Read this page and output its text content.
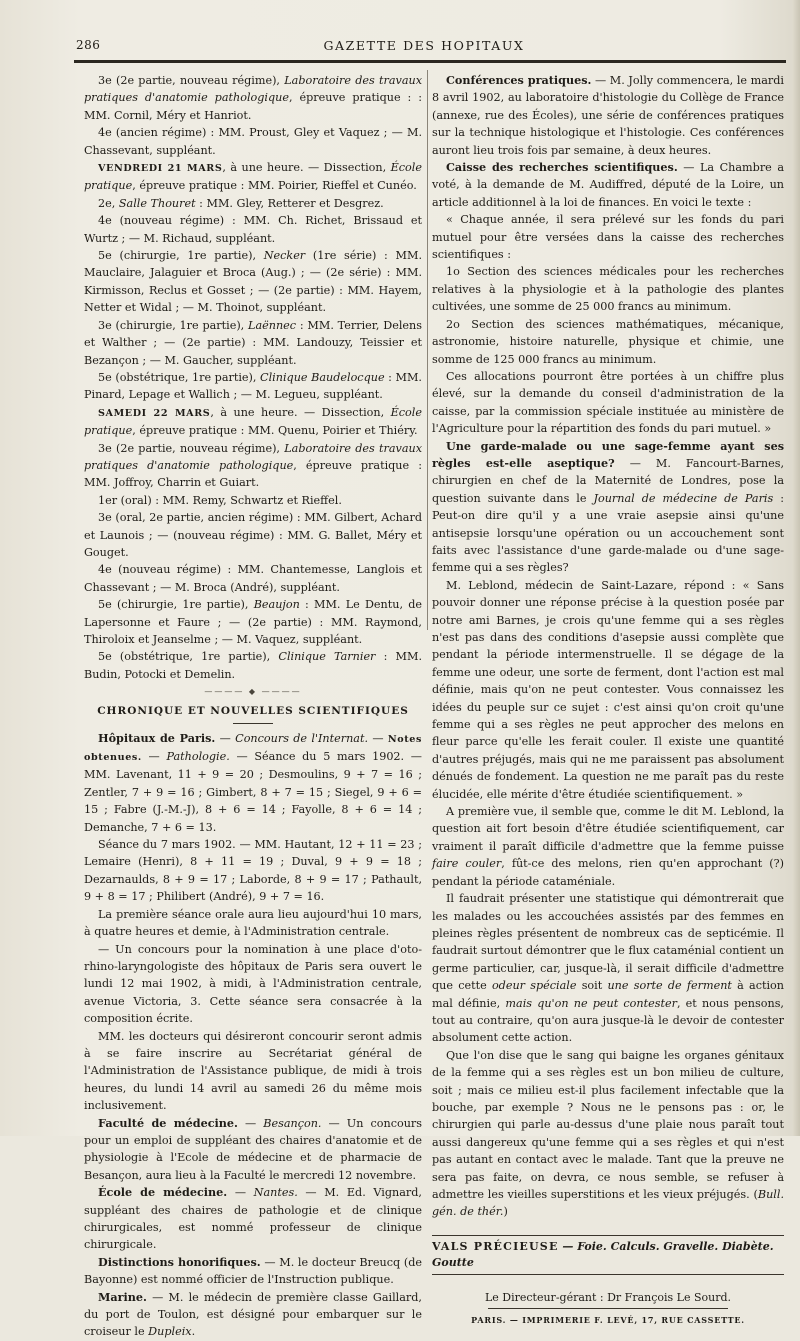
286	GAZETTE DES HOPITAUX

3e (2e partie, nouveau régime), Laboratoire des travaux pratiques d'anatomie pathologique, épreuve pratique : : MM. Cornil, Méry et Hanriot.

4e (ancien régime) : MM. Proust, Gley et Vaquez ; — M. Chassevant, suppléant.

VENDREDI 21 MARS, à une heure. — Dissection, École pratique, épreuve pratique : MM. Poirier, Rieffel et Cunéo.

2e, Salle Thouret : MM. Gley, Retterer et Desgrez.

4e (nouveau régime) : MM. Ch. Richet, Brissaud et Wurtz ; — M. Richaud, suppléant.

5e (chirurgie, 1re partie), Necker (1re série) : MM. Mauclaire, Jalaguier et Broca (Aug.) ; — (2e série) : MM. Kirmisson, Reclus et Gosset ; — (2e partie) : MM. Hayem, Netter et Widal ; — M. Thoinot, suppléant.

3e (chirurgie, 1re partie), Laënnec : MM. Terrier, Delens et Walther ; — (2e partie) : MM. Landouzy, Teissier et Bezançon ; — M. Gaucher, suppléant.

5e (obstétrique, 1re partie), Clinique Baudelocque : MM. Pinard, Lepage et Wallich ; — M. Legueu, suppléant.

SAMEDI 22 MARS, à une heure. — Dissection, École pratique, épreuve pratique : MM. Quenu, Poirier et Thiéry.

3e (2e partie, nouveau régime), Laboratoire des travaux pratiques d'anatomie pathologique, épreuve pratique : MM. Joffroy, Charrin et Guiart.

1er (oral) : MM. Remy, Schwartz et Rieffel.

3e (oral, 2e partie, ancien régime) : MM. Gilbert, Achard et Launois ; — (nouveau régime) : MM. G. Ballet, Méry et Gouget.

4e (nouveau régime) : MM. Chantemesse, Langlois et Chassevant ; — M. Broca (André), suppléant.

5e (chirurgie, 1re partie), Beaujon : MM. Le Dentu, de Lapersonne et Faure ; — (2e partie) : MM. Raymond, Thiroloix et Jeanselme ; — M. Vaquez, suppléant.

5e (obstétrique, 1re partie), Clinique Tarnier : MM. Budin, Potocki et Demelin.

———— ◆ ————
CHRONIQUE ET NOUVELLES SCIENTIFIQUES

Hôpitaux de Paris. — Concours de l'Internat. — Notes obtenues. — Pathologie. — Séance du 5 mars 1902. — MM. Lavenant, 11 + 9 = 20 ; Desmoulins, 9 + 7 = 16 ; Zentler, 7 + 9 = 16 ; Gimbert, 8 + 7 = 15 ; Siegel, 9 + 6 = 15 ; Fabre (J.-M.-J), 8 + 6 = 14 ; Fayolle, 8 + 6 = 14 ; Demanche, 7 + 6 = 13.

Séance du 7 mars 1902. — MM. Hautant, 12 + 11 = 23 ; Lemaire (Henri), 8 + 11 = 19 ; Duval, 9 + 9 = 18 ; Dezarnaulds, 8 + 9 = 17 ; Laborde, 8 + 9 = 17 ; Pathault, 9 + 8 = 17 ; Philibert (André), 9 + 7 = 16.

La première séance orale aura lieu aujourd'hui 10 mars, à quatre heures et demie, à l'Administration centrale.

— Un concours pour la nomination à une place d'oto-rhino-laryngologiste des hôpitaux de Paris sera ouvert le lundi 12 mai 1902, à midi, à l'Administration centrale, avenue Victoria, 3. Cette séance sera consacrée à la composition écrite.

MM. les docteurs qui désireront concourir seront admis à se faire inscrire au Secrétariat général de l'Administration de l'Assistance publique, de midi à trois heures, du lundi 14 avril au samedi 26 du même mois inclusivement.

Faculté de médecine. — Besançon. — Un concours pour un emploi de suppléant des chaires d'anatomie et de physiologie à l'Ecole de médecine et de pharmacie de Besançon, aura lieu à la Faculté le mercredi 12 novembre.

École de médecine. — Nantes. — M. Ed. Vignard, suppléant des chaires de pathologie et de clinique chirurgicales, est nommé professeur de clinique chirurgicale.

Distinctions honorifiques. — M. le docteur Breucq (de Bayonne) est nommé officier de l'Instruction publique.

Marine. — M. le médecin de première classe Gaillard, du port de Toulon, est désigné pour embarquer sur le croiseur le Dupleix.

Conférences pratiques. — M. Jolly commencera, le mardi 8 avril 1902, au laboratoire d'histologie du Collège de France (annexe, rue des Écoles), une série de conférences pratiques sur la technique histologique et l'histologie. Ces conférences auront lieu trois fois par semaine, à deux heures.

Caisse des recherches scientifiques. — La Chambre a voté, à la demande de M. Audiffred, député de la Loire, un article additionnel à la loi de finances. En voici le texte :

« Chaque année, il sera prélevé sur les fonds du pari mutuel pour être versées dans la caisse des recherches scientifiques :

1o Section des sciences médicales pour les recherches relatives à la physiologie et à la pathologie des plantes cultivées, une somme de 25 000 francs au minimum.

2o Section des sciences mathématiques, mécanique, astronomie, histoire naturelle, physique et chimie, une somme de 125 000 francs au minimum.

Ces allocations pourront être portées à un chiffre plus élevé, sur la demande du conseil d'administration de la caisse, par la commission spéciale instituée au ministère de l'Agriculture pour la répartition des fonds du pari mutuel. »

Une garde-malade ou une sage-femme ayant ses règles est-elle aseptique? — M. Fancourt-Barnes, chirurgien en chef de la Maternité de Londres, pose la question suivante dans le Journal de médecine de Paris : Peut-on dire qu'il y a une vraie asepsie ainsi qu'une antisepsie lorsqu'une opération ou un accouchement sont faits avec l'assistance d'une garde-malade ou d'une sage-femme qui a ses règles?

M. Leblond, médecin de Saint-Lazare, répond : « Sans pouvoir donner une réponse précise à la question posée par notre ami Barnes, je crois qu'une femme qui a ses règles n'est pas dans des conditions d'asepsie aussi complète que pendant la période intermenstruelle. Il se dégage de la femme une odeur, une sorte de ferment, dont l'action est mal définie, mais qu'on ne peut contester. Vous connaissez les idées du peuple sur ce sujet : c'est ainsi qu'on croit qu'une femme qui a ses règles ne peut approcher des melons en fleur parce qu'elle les ferait couler. Il existe une quantité d'autres préjugés, mais qui ne me paraissent pas absolument dénués de fondement. La question ne me paraît pas du reste élucidée, elle mérite d'être étudiée scientifiquement. »

A première vue, il semble que, comme le dit M. Leblond, la question ait fort besoin d'être étudiée scientifiquement, car vraiment il paraît difficile d'admettre que la femme puisse faire couler, fût-ce des melons, rien qu'en approchant (?) pendant la période cataméniale.

Il faudrait présenter une statistique qui démontrerait que les malades ou les accouchées assistés par des femmes en pleines règles présentent de nombreux cas de septicémie. Il faudrait surtout démontrer que le flux cataménial contient un germe particulier, car, jusque-là, il serait difficile d'admettre que cette odeur spéciale soit une sorte de ferment à action mal définie, mais qu'on ne peut contester, et nous pensons, tout au contraire, qu'on aura jusque-là le devoir de contester absolument cette action.

Que l'on dise que le sang qui baigne les organes génitaux de la femme qui a ses règles est un bon milieu de culture, soit ; mais ce milieu est-il plus facilement infectable que la bouche, par exemple ? Nous ne le pensons pas : or, le chirurgien qui parle au-dessus d'une plaie nous paraît tout aussi dangereux qu'une femme qui a ses règles et qui n'est pas autant en contact avec le malade. Tant que la preuve ne sera pas faite, on devra, ce nous semble, se refuser à admettre les vieilles superstitions et les vieux préjugés. (Bull. gén. de thér.)

VALS PRÉCIEUSE — Foie. Calculs. Gravelle. Diabète. Goutte
Le Directeur-gérant : Dr François Le Sourd.
PARIS. — IMPRIMERIE F. LEVÉ, 17, RUE CASSETTE.
